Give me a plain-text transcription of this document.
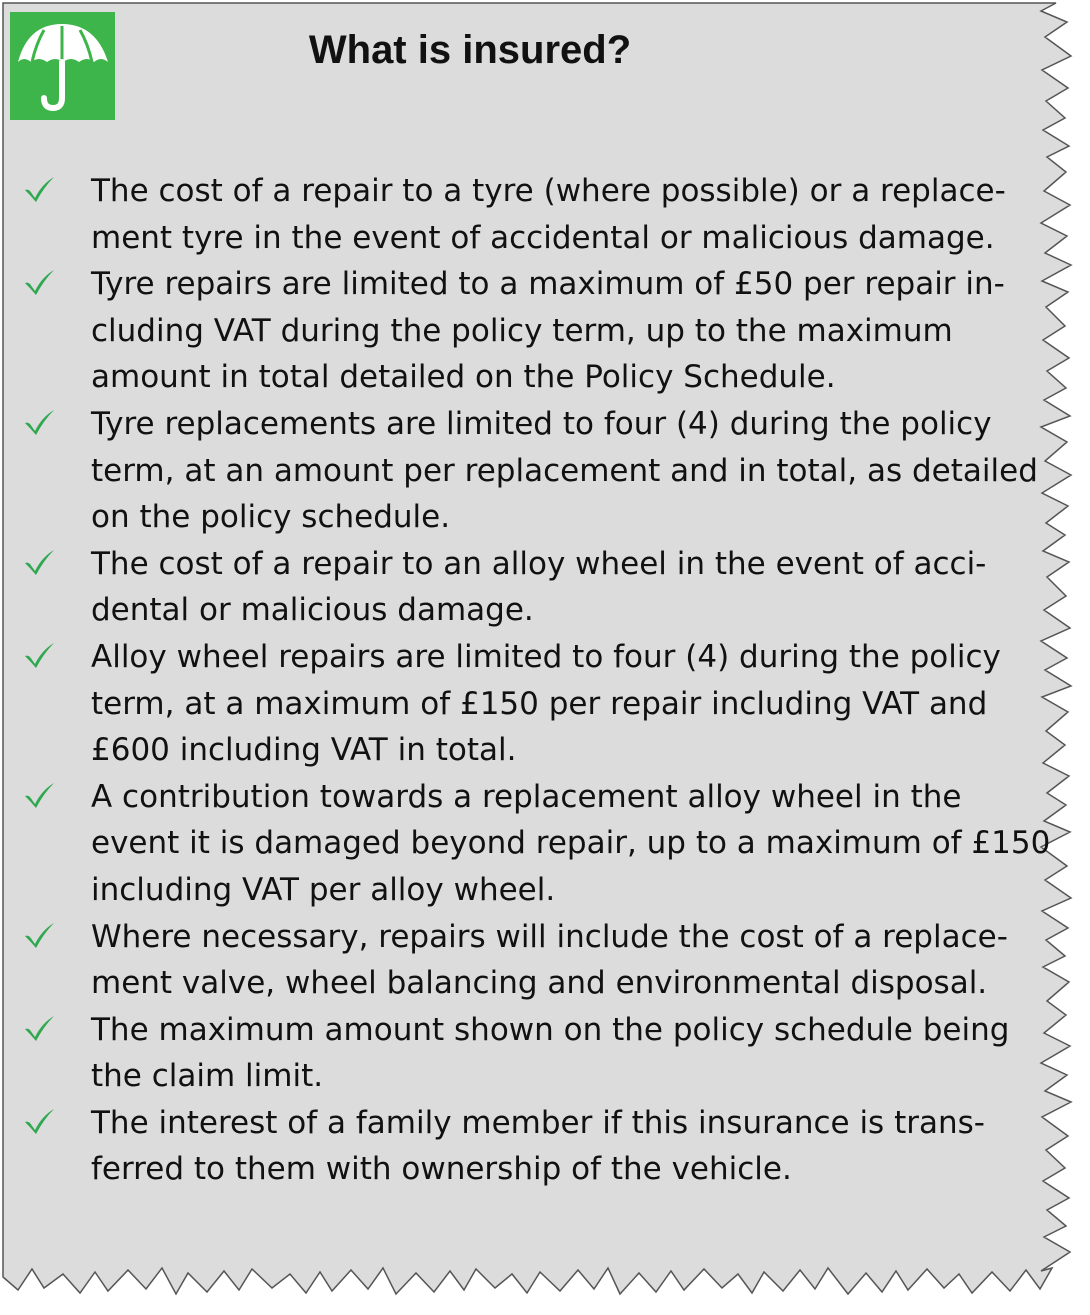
What is insured?
The cost of a repair to a tyre (where possible) or a replace-
ment tyre in the event of accidental or malicious damage.
Tyre repairs are limited to a maximum of £50 per repair in-
cluding VAT during the policy term, up to the maximum
amount in total detailed on the Policy Schedule.
Tyre replacements are limited to four (4) during the policy
term, at an amount per replacement and in total, as detailed
on the policy schedule.
The cost of a repair to an alloy wheel in the event of acci-
dental or malicious damage.
Alloy wheel repairs are limited to four (4) during the policy
term, at a maximum of £150 per repair including VAT and
£600 including VAT in total.
A contribution towards a replacement alloy wheel in the
event it is damaged beyond repair, up to a maximum of £150
including VAT per alloy wheel.
Where necessary, repairs will include the cost of a replace-
ment valve, wheel balancing and environmental disposal.
The maximum amount shown on the policy schedule being
the claim limit.
The interest of a family member if this insurance is trans-
ferred to them with ownership of the vehicle.
